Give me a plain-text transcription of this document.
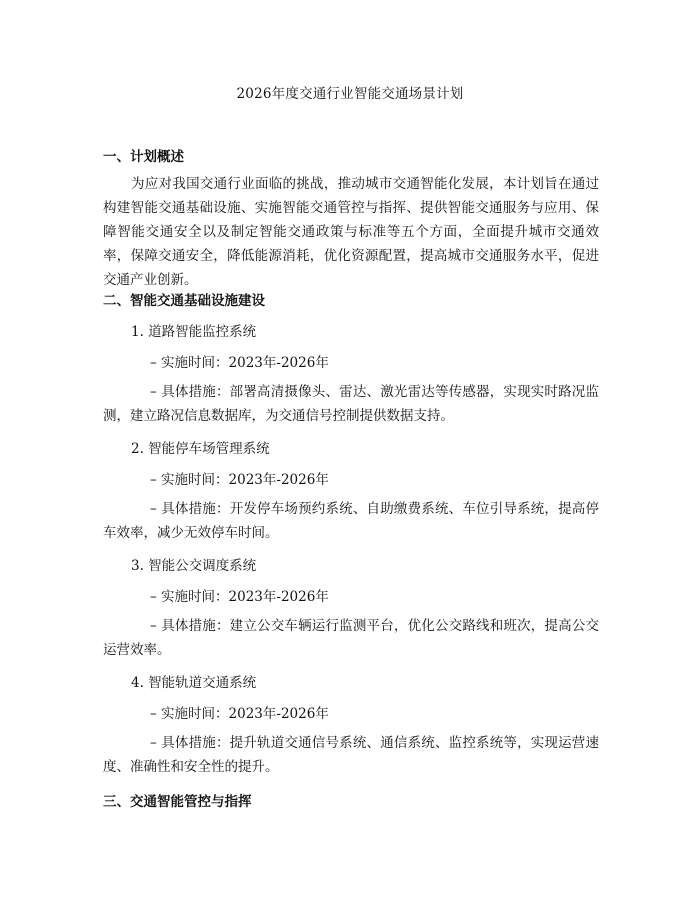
2026年度交通行业智能交通场景计划
一、计划概述

为应对我国交通行业面临的挑战，推动城市交通智能化发展，本计划旨在通过构建智能交通基础设施、实施智能交通管控与指挥、提供智能交通服务与应用、保障智能交通安全以及制定智能交通政策与标准等五个方面，全面提升城市交通效率，保障交通安全，降低能源消耗，优化资源配置，提高城市交通服务水平，促进交通产业创新。

二、智能交通基础设施建设
1. 道路智能监控系统
– 实施时间：2023年-2026年

– 具体措施：部署高清摄像头、雷达、激光雷达等传感器，实现实时路况监测，建立路况信息数据库，为交通信号控制提供数据支持。

2. 智能停车场管理系统
– 实施时间：2023年-2026年

– 具体措施：开发停车场预约系统、自助缴费系统、车位引导系统，提高停车效率，减少无效停车时间。

3. 智能公交调度系统
– 实施时间：2023年-2026年

– 具体措施：建立公交车辆运行监测平台，优化公交路线和班次，提高公交运营效率。

4. 智能轨道交通系统
– 实施时间：2023年-2026年

– 具体措施：提升轨道交通信号系统、通信系统、监控系统等，实现运营速度、准确性和安全性的提升。

三、交通智能管控与指挥
